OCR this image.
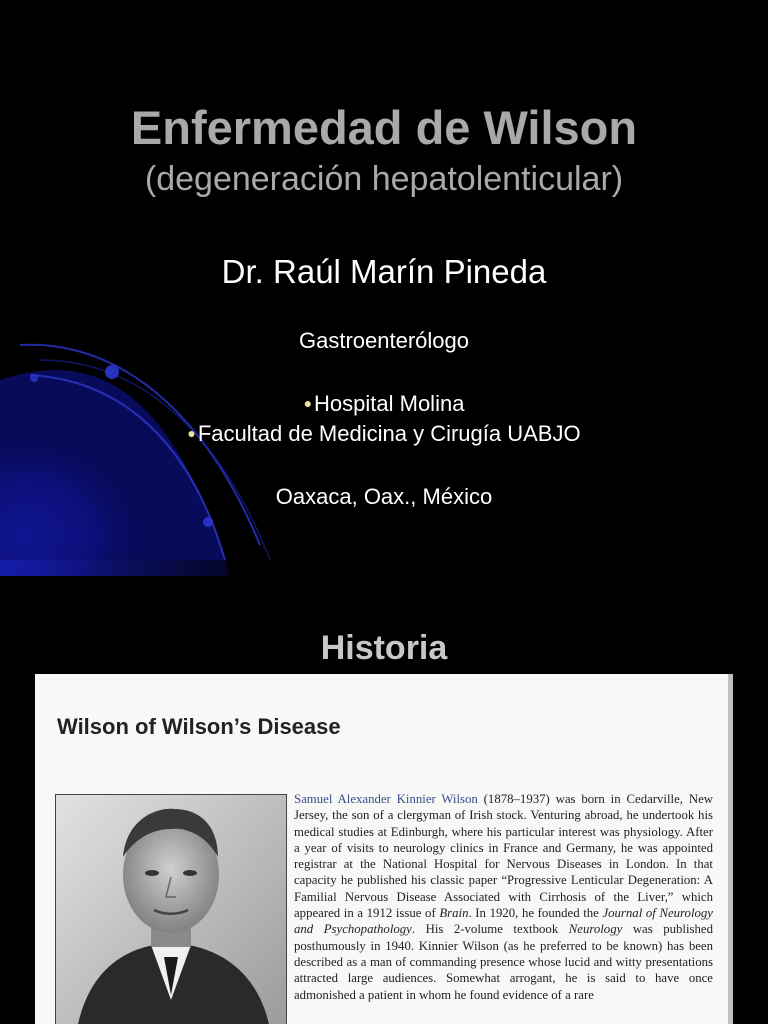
Enfermedad de Wilson

(degeneración hepatolenticular)

Dr. Raúl Marín Pineda

Gastroenterólogo

●Hospital Molina

●Facultad de Medicina y Cirugía UABJO

Oaxaca, Oax., México

Historia
Wilson of Wilson’s Disease

Samuel Alexander Kinnier Wilson (1878–1937) was born in Cedarville, New Jersey, the son of a clergyman of Irish stock. Venturing abroad, he undertook his medical studies at Edinburgh, where his particular interest was physiology. After a year of visits to neurology clinics in France and Germany, he was appointed registrar at the National Hospital for Nervous Diseases in London. In that capacity he published his classic paper “Progressive Lenticular Degeneration: A Familial Nervous Disease Associated with Cirrhosis of the Liver,” which appeared in a 1912 issue of Brain. In 1920, he founded the Journal of Neurology and Psychopathology. His 2-volume textbook Neurology was published posthumously in 1940. Kinnier Wilson (as he preferred to be known) has been described as a man of commanding presence whose lucid and witty presentations attracted large audiences. Somewhat arrogant, he is said to have once admonished a patient in whom he found evidence of a rare
